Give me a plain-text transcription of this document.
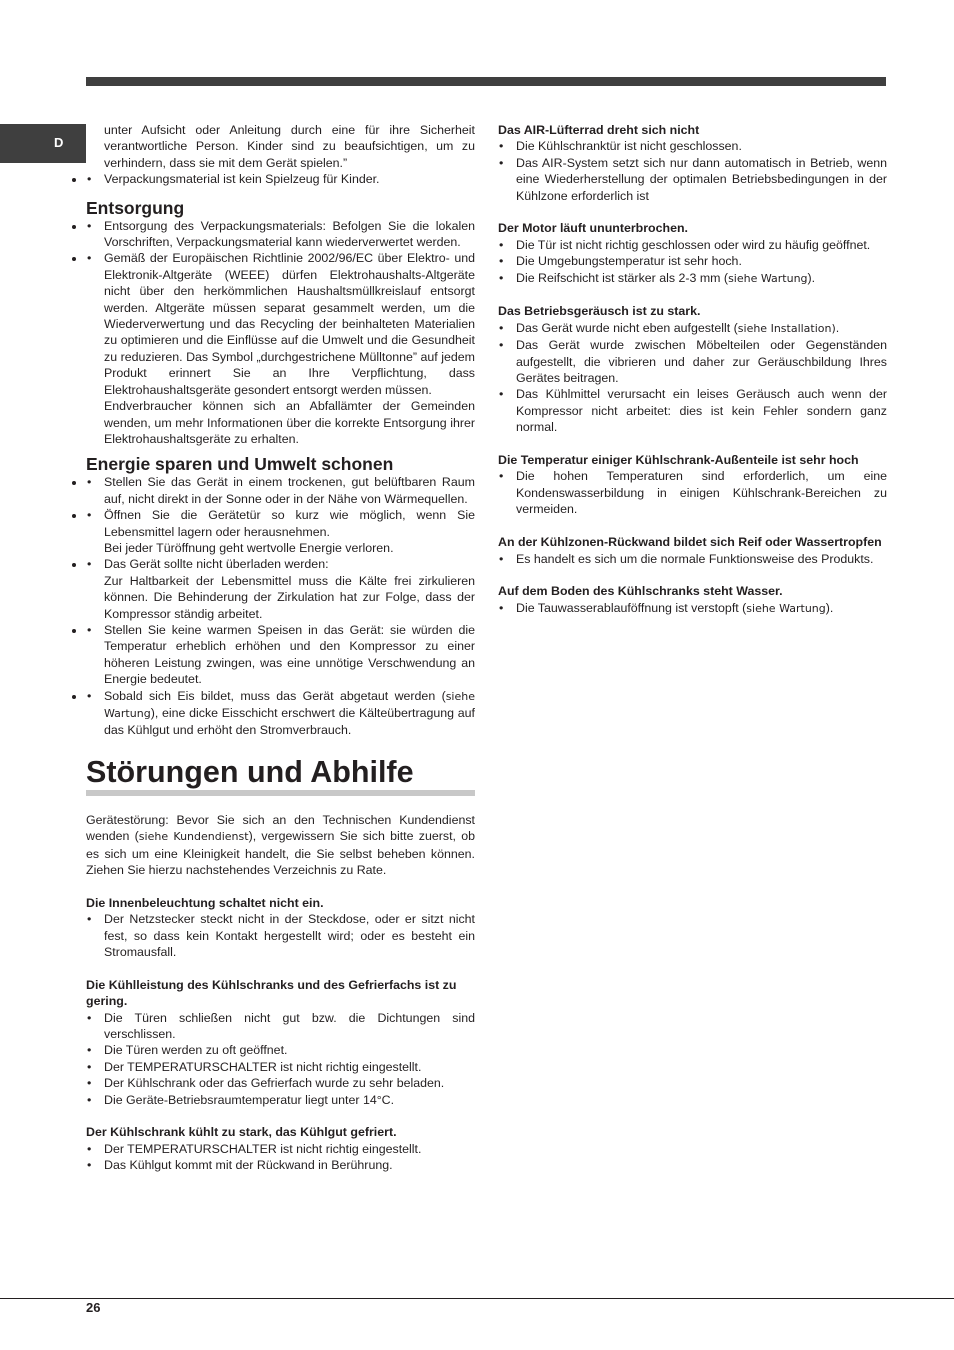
D

unter Aufsicht oder Anleitung durch eine für ihre Sicherheit verantwortliche Person. Kinder sind zu beaufsichtigen, um zu verhindern, dass sie mit dem Gerät spielen.”

• • Verpackungsmaterial ist kein Spielzeug für Kinder.
Entsorgung
• • Entsorgung des Verpackungsmaterials: Befolgen Sie die lokalen Vorschriften, Verpackungsmaterial kann wiederverwertet werden.
• • Gemäß der Europäischen Richtlinie 2002/96/EC über Elektro- und Elektronik-Altgeräte (WEEE) dürfen Elektrohaushalts-Altgeräte nicht über den herkömmlichen Haushaltsmüllkreislauf entsorgt werden. Altgeräte müssen separat gesammelt werden, um die Wiederverwertung und das Recycling der beinhalteten Materialien zu optimieren und die Einflüsse auf die Umwelt und die Gesundheit zu reduzieren. Das Symbol „durchgestrichene Mülltonne” auf jedem Produkt erinnert Sie an Ihre Verpflichtung, dass Elektrohaushaltsgeräte gesondert entsorgt werden müssen.

Endverbraucher können sich an Abfallämter der Gemeinden wenden, um mehr Informationen über die korrekte Entsorgung ihrer Elektrohaushaltsgeräte zu erhalten.

Energie sparen und Umwelt schonen
• • Stellen Sie das Gerät in einem trockenen, gut belüftbaren Raum auf, nicht direkt in der Sonne oder in der Nähe von Wärmequellen.
• • Öffnen Sie die Gerätetür so kurz wie möglich, wenn Sie Lebensmittel lagern oder herausnehmen.

Bei jeder Türöffnung geht wertvolle Energie verloren.

• • Das Gerät sollte nicht überladen werden:

Zur Haltbarkeit der Lebensmittel muss die Kälte frei zirkulieren können. Die Behinderung der Zirkulation hat zur Folge, dass der Kompressor ständig arbeitet.

• • Stellen Sie keine warmen Speisen in das Gerät: sie würden die Temperatur erheblich erhöhen und den Kompressor zu einer höheren Leistung zwingen, was eine unnötige Verschwendung an Energie bedeutet.
• • Sobald sich Eis bildet, muss das Gerät abgetaut werden (siehe Wartung), eine dicke Eisschicht erschwert die Kälteübertragung auf das Kühlgut und erhöht den Stromverbrauch.
Störungen und Abhilfe

Gerätestörung: Bevor Sie sich an den Technischen Kundendienst wenden (siehe Kundendienst), vergewissern Sie sich bitte zuerst, ob es sich um eine Kleinigkeit handelt, die Sie selbst beheben können. Ziehen Sie hierzu nachstehendes Verzeichnis zu Rate.

Die Innenbeleuchtung schaltet nicht ein.
• Der Netzstecker steckt nicht in der Steckdose, oder er sitzt nicht fest, so dass kein Kontakt hergestellt wird; oder es besteht ein Stromausfall.
Die Kühlleistung des Kühlschranks und des Gefrierfachs ist zu gering.
• Die Türen schließen nicht gut bzw. die Dichtungen sind verschlissen.
• Die Türen werden zu oft geöffnet.
• Der TEMPERATURSCHALTER ist nicht richtig eingestellt.
• Der Kühlschrank oder das Gefrierfach wurde zu sehr beladen.
• Die Geräte-Betriebsraumtemperatur liegt unter 14°C.
Der Kühlschrank kühlt zu stark, das Kühlgut gefriert.
• Der TEMPERATURSCHALTER ist nicht richtig eingestellt.
• Das Kühlgut kommt mit der Rückwand in Berührung.
Das AIR-Lüfterrad dreht sich nicht
• Die Kühlschranktür ist nicht geschlossen.
• Das AIR-System setzt sich nur dann automatisch in Betrieb, wenn eine Wiederherstellung der optimalen Betriebsbedingungen in der Kühlzone erforderlich ist
Der Motor läuft ununterbrochen.
• Die Tür ist nicht richtig geschlossen oder wird zu häufig geöffnet.
• Die Umgebungstemperatur ist sehr hoch.
• Die Reifschicht ist stärker als 2-3 mm (siehe Wartung).
Das Betriebsgeräusch ist zu stark.
• Das Gerät wurde nicht eben aufgestellt (siehe Installation).
• Das Gerät wurde zwischen Möbelteilen oder Gegenständen aufgestellt, die vibrieren und daher zur Geräuschbildung Ihres Gerätes beitragen.
• Das Kühlmittel verursacht ein leises Geräusch auch wenn der Kompressor nicht arbeitet: dies ist kein Fehler sondern ganz normal.
Die Temperatur einiger Kühlschrank-Außenteile ist sehr hoch
• Die hohen Temperaturen sind erforderlich, um eine Kondenswasserbildung in einigen Kühlschrank-Bereichen zu vermeiden.
An der Kühlzonen-Rückwand bildet sich Reif oder Wassertropfen
• Es handelt es sich um die normale Funktionsweise des Produkts.
Auf dem Boden des Kühlschranks steht Wasser.
• Die Tauwasserablauföffnung ist verstopft (siehe Wartung).
26
